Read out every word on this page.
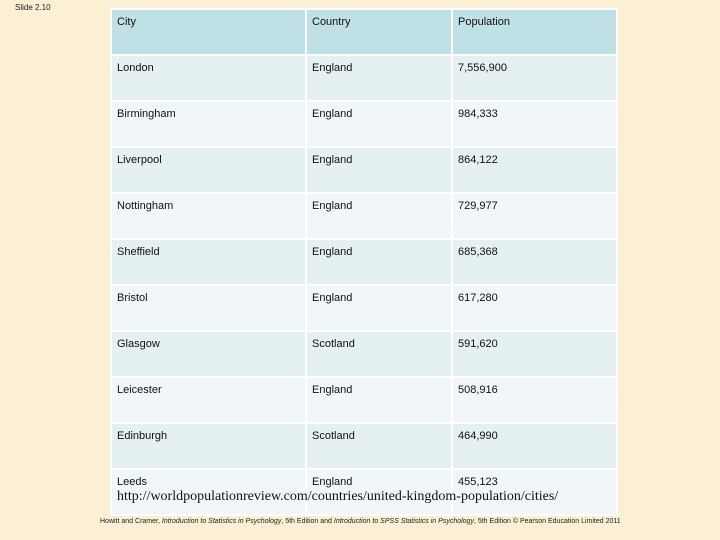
Slide 2.10
City	Country	Population
London	England	7,556,900
Birmingham	England	984,333
Liverpool	England	864,122
Nottingham	England	729,977
Sheffield	England	685,368
Bristol	England	617,280
Glasgow	Scotland	591,620
Leicester	England	508,916
Edinburgh	Scotland	464,990
Leeds	England	455,123
http://worldpopulationreview.com/countries/united-kingdom-population/cities/
Howitt and Cramer, Introduction to Statistics in Psychology, 5th Edition and Introduction to SPSS Statistics in Psychology, 5th Edition © Pearson Education Limited 2011
